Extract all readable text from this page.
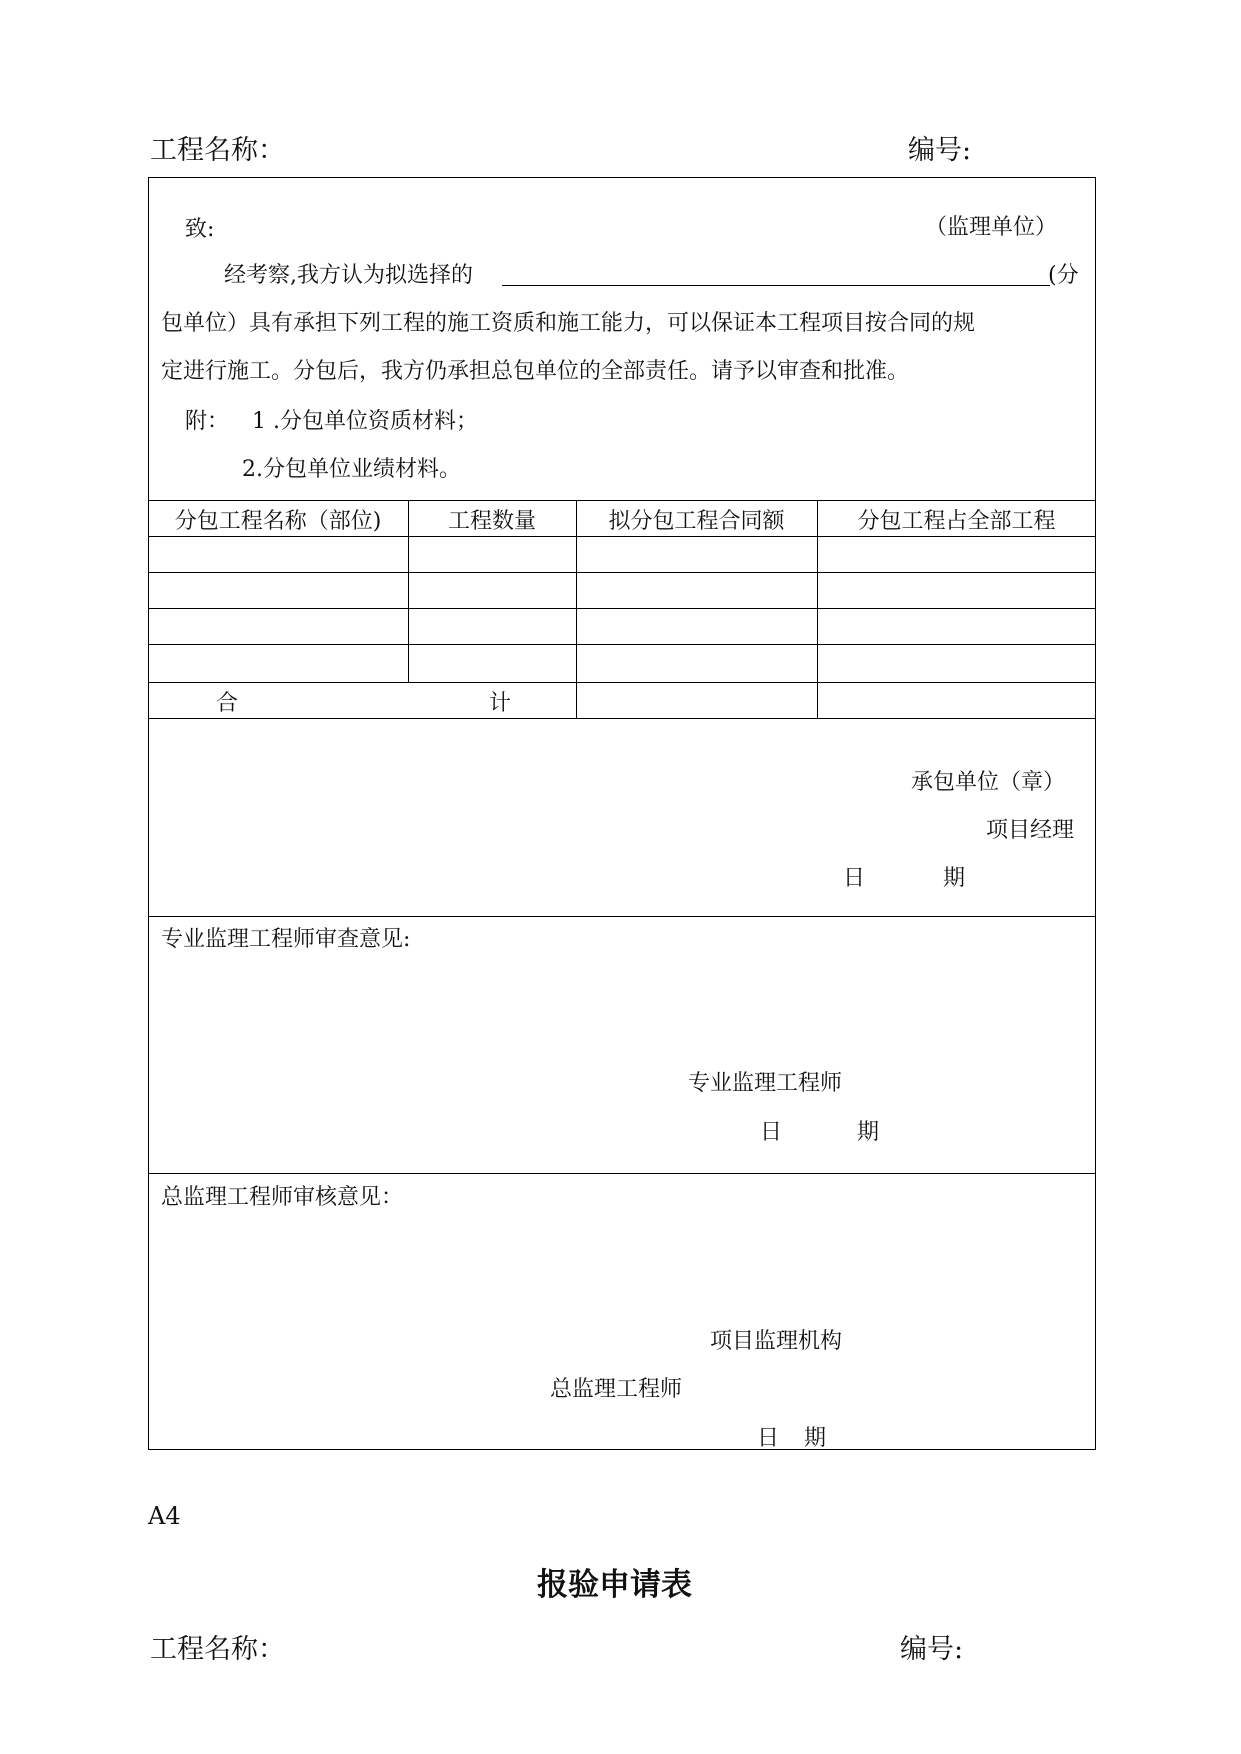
工程名称：	编号:
致:	（监理单位）
经考察,我方认为拟选择的	(分
包单位）具有承担下列工程的施工资质和施工能力，可以保证本工程项目按合同的规
定进行施工。分包后，我方仍承担总包单位的全部责任。请予以审查和批准。
附： 1 .分包单位资质材料；
2.分包单位业绩材料。
分包工程名称（部位)	工程数量	拟分包工程合同额	分包工程占全部工程
合	计
承包单位（章）
项目经理
日	期
专业监理工程师审查意见:
专业监理工程师
日	期
总监理工程师审核意见：
项目监理机构
总监理工程师
日 期
A4
报验申请表
工程名称：	编号:
